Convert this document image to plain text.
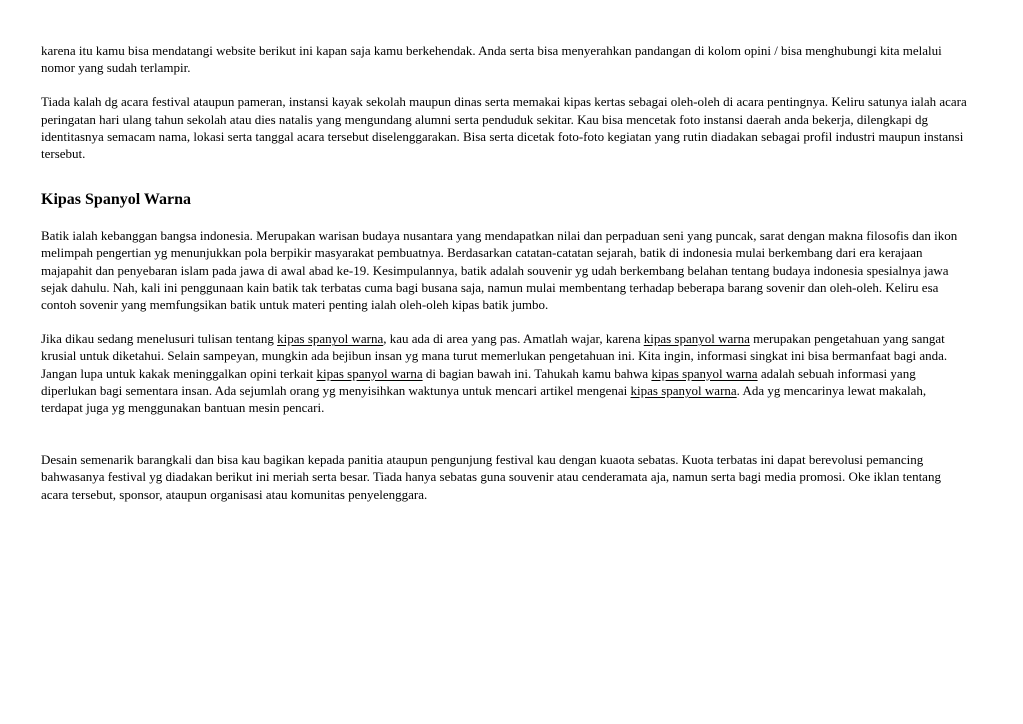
karena itu kamu bisa mendatangi website berikut ini kapan saja kamu berkehendak. Anda serta bisa menyerahkan pandangan di kolom opini / bisa menghubungi kita melalui nomor yang sudah terlampir.

Tiada kalah dg acara festival ataupun pameran, instansi kayak sekolah maupun dinas serta memakai kipas kertas sebagai oleh-oleh di acara pentingnya. Keliru satunya ialah acara peringatan hari ulang tahun sekolah atau dies natalis yang mengundang alumni serta penduduk sekitar. Kau bisa mencetak foto instansi daerah anda bekerja, dilengkapi dg identitasnya semacam nama, lokasi serta tanggal acara tersebut diselenggarakan. Bisa serta dicetak foto-foto kegiatan yang rutin diadakan sebagai profil industri maupun instansi tersebut.

Kipas Spanyol Warna

Batik ialah kebanggan bangsa indonesia. Merupakan warisan budaya nusantara yang mendapatkan nilai dan perpaduan seni yang puncak, sarat dengan makna filosofis dan ikon melimpah pengertian yg menunjukkan pola berpikir masyarakat pembuatnya. Berdasarkan catatan-catatan sejarah, batik di indonesia mulai berkembang dari era kerajaan majapahit dan penyebaran islam pada jawa di awal abad ke-19. Kesimpulannya, batik adalah souvenir yg udah berkembang belahan tentang budaya indonesia spesialnya jawa sejak dahulu. Nah, kali ini penggunaan kain batik tak terbatas cuma bagi busana saja, namun mulai membentang terhadap beberapa barang sovenir dan oleh-oleh. Keliru esa contoh sovenir yang memfungsikan batik untuk materi penting ialah oleh-oleh kipas batik jumbo.

Jika dikau sedang menelusuri tulisan tentang kipas spanyol warna, kau ada di area yang pas. Amatlah wajar, karena kipas spanyol warna merupakan pengetahuan yang sangat krusial untuk diketahui. Selain sampeyan, mungkin ada bejibun insan yg mana turut memerlukan pengetahuan ini. Kita ingin, informasi singkat ini bisa bermanfaat bagi anda. Jangan lupa untuk kakak meninggalkan opini terkait kipas spanyol warna di bagian bawah ini. Tahukah kamu bahwa kipas spanyol warna adalah sebuah informasi yang diperlukan bagi sementara insan. Ada sejumlah orang yg menyisihkan waktunya untuk mencari artikel mengenai kipas spanyol warna. Ada yg mencarinya lewat makalah, terdapat juga yg menggunakan bantuan mesin pencari.

Desain semenarik barangkali dan bisa kau bagikan kepada panitia ataupun pengunjung festival kau dengan kuaota sebatas. Kuota terbatas ini dapat berevolusi pemancing bahwasanya festival yg diadakan berikut ini meriah serta besar. Tiada hanya sebatas guna souvenir atau cenderamata aja, namun serta bagi media promosi. Oke iklan tentang acara tersebut, sponsor, ataupun organisasi atau komunitas penyelenggara.
